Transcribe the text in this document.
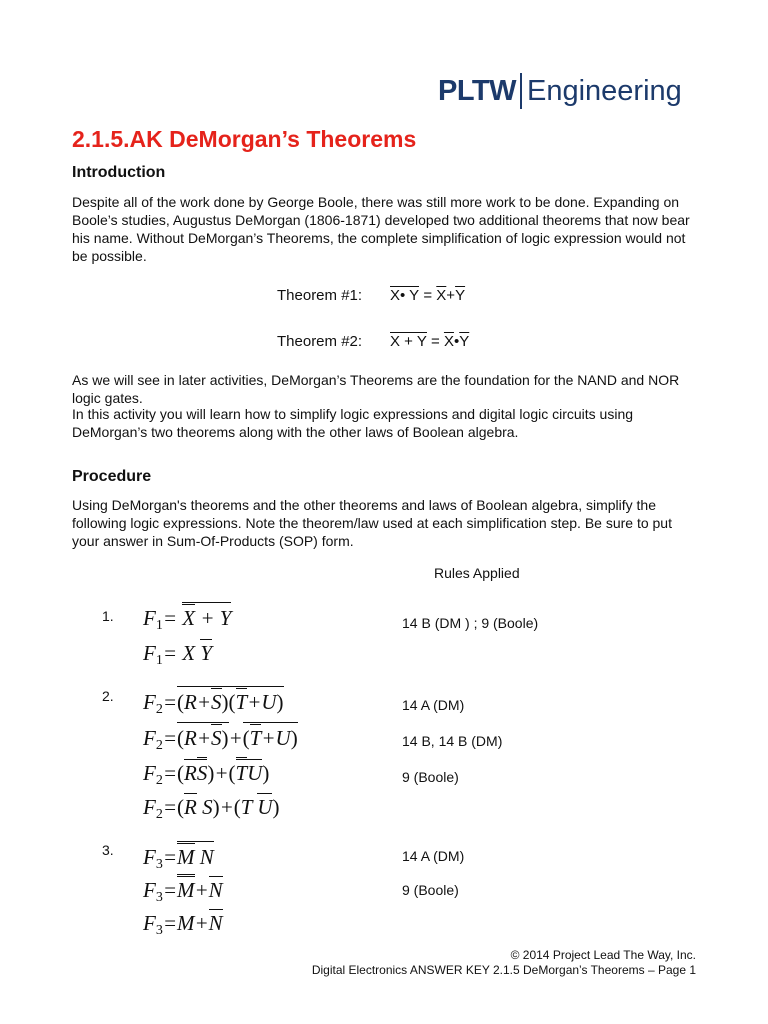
PLTW Engineering
2.1.5.AK DeMorgan’s Theorems
Introduction

Despite all of the work done by George Boole, there was still more work to be done. Expanding on Boole’s studies, Augustus DeMorgan (1806-1871) developed two additional theorems that now bear his name. Without DeMorgan’s Theorems, the complete simplification of logic expression would not be possible.

Theorem #1:	X• $Y = \overline{X} + \overline{Y}$
Theorem #2:	$X + Y = \overline{X}$ • $\overline{Y}$

As we will see in later activities, DeMorgan’s Theorems are the foundation for the NAND and NOR logic gates.

In this activity you will learn how to simplify logic expressions and digital logic circuits using DeMorgan’s two theorems along with the other laws of Boolean algebra.

Procedure

Using DeMorgan's theorems and the other theorems and laws of Boolean algebra, simplify the following logic expressions. Note the theorem/law used at each simplification step. Be sure to put your answer in Sum-Of-Products (SOP) form.

Rules Applied
1. $F_1= X + Y$
$F_1= X$ Y
14 B (DM ) ; 9 (Boole)
2. $F_2=(R+S)(T+U)$
$F_2=(R+S)+(T+U)$
$F_2=(RS)+(TU)$
$F_2=(R$ S)+(T U)
14 A (DM)
14 B, 14 B (DM)
9 (Boole)
3. $F_3=M$ N
$F_3=M+N$
$F_3=M+N$
14 A (DM)
9 (Boole)
© 2014 Project Lead The Way, Inc.
Digital Electronics ANSWER KEY 2.1.5 DeMorgan’s Theorems – Page 1
